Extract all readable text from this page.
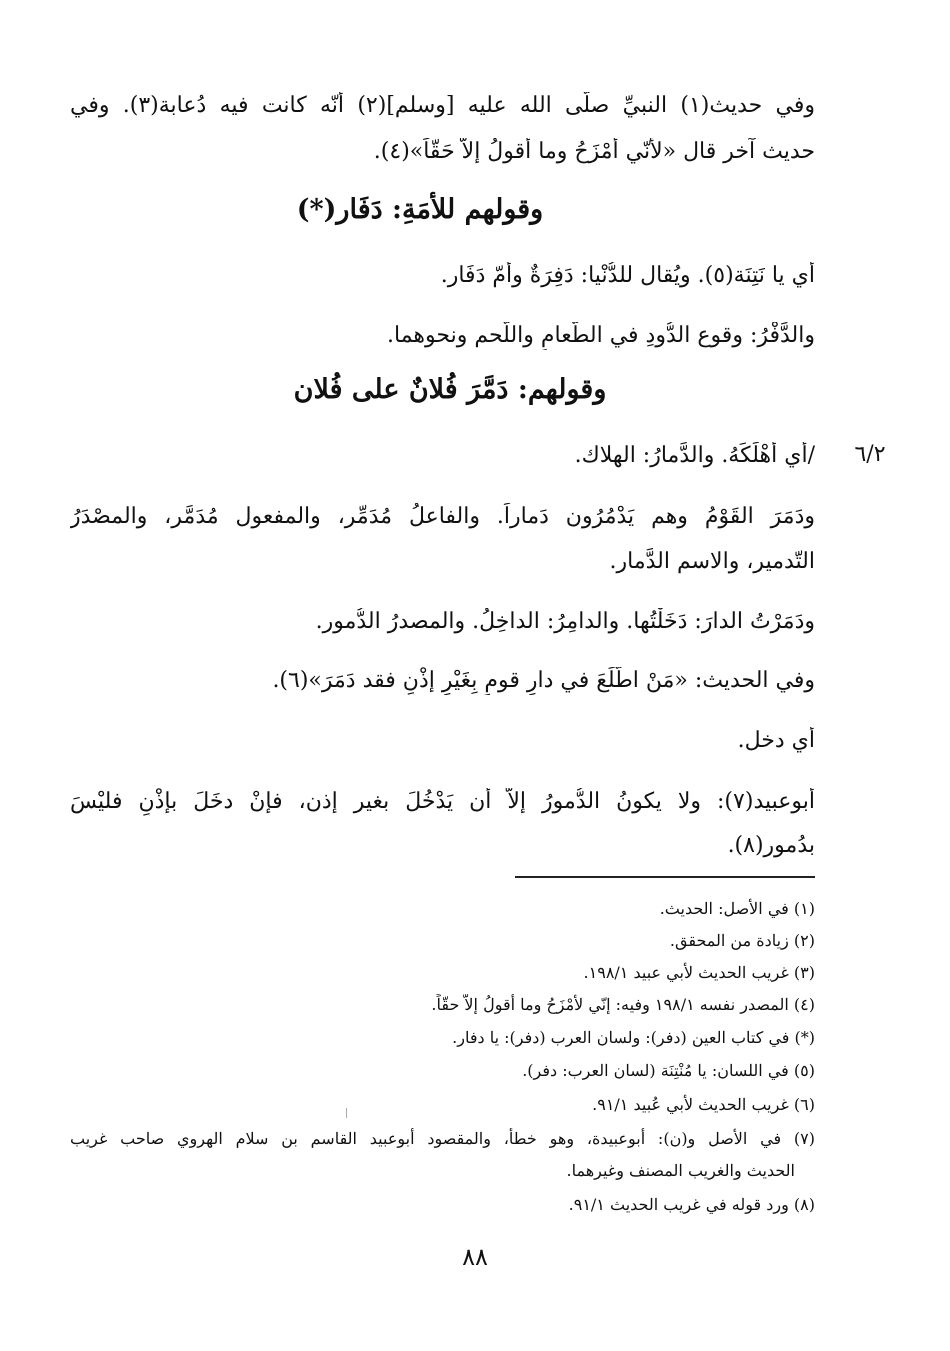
وفي حديث(١) النبيِّ صلّى الله عليه [وسلم](٢) أنّه كانت فيه دُعابة(٣). وفي
حديث آخر قال «لأنّي أمْزَحُ وما أقولُ إلاّ حَقّاً»(٤).
وقولهم للأمَةِ: دَفَار(*)
أي يا نَتِنَة(٥). ويُقال للدُّنْيا: دَفِرَةٌ وأمّ دَفَار.
والدَّفْرُ: وقوع الدُّودِ في الطّعامِ واللّحم ونحوهما.
وقولهم: دَمَّرَ فُلانٌ على فُلان
٦/٢
/أي أهْلَكَهُ. والدَّمارُ: الهلاك.
ودَمَرَ القَوْمُ وهم يَدْمُرُون دَماراً. والفاعلُ مُدَمِّر، والمفعول مُدَمَّر، والمصْدَرُ
التّدمير، والاسم الدَّمار.
ودَمَرْتُ الدارَ: دَخَلْتُها. والدامِرُ: الداخِلُ. والمصدرُ الدُّمور.
وفي الحديث: «مَنْ اطَّلَعَ في دارِ قومٍ بِغَيْرِ إذْنٍ فقد دَمَرَ»(٦).
أي دخل.
أبوعبيد(٧): ولا يكونُ الدُّمورُ إلاّ أن يَدْخُلَ بغير إذن، فإنْ دخَلَ بإذْنٍ فليْسَ
بدُمور(٨).
(١) في الأصل: الحديث.
(٢) زيادة من المحقق.
(٣) غريب الحديث لأبي عبيد ١٩٨/١.
(٤) المصدر نفسه ١٩٨/١ وفيه: إنّي لأمْزَحُ وما أقولُ إلاّ حقّاً.
(*) في كتاب العين (دفر): ولسان العرب (دفر): يا دفار.
(٥) في اللسان: يا مُنْتِنَة (لسان العرب: دفر).
(٦) غريب الحديث لأبي عُبيد ٩١/١.
(٧) في الأصل و(ن): أبوعبيدة، وهو خطأ، والمقصود أبوعبيد القاسم بن سلام الهروي صاحب غريب
الحديث والغريب المصنف وغيرهما.
(٨) ورد قوله في غريب الحديث ٩١/١.
٨٨
